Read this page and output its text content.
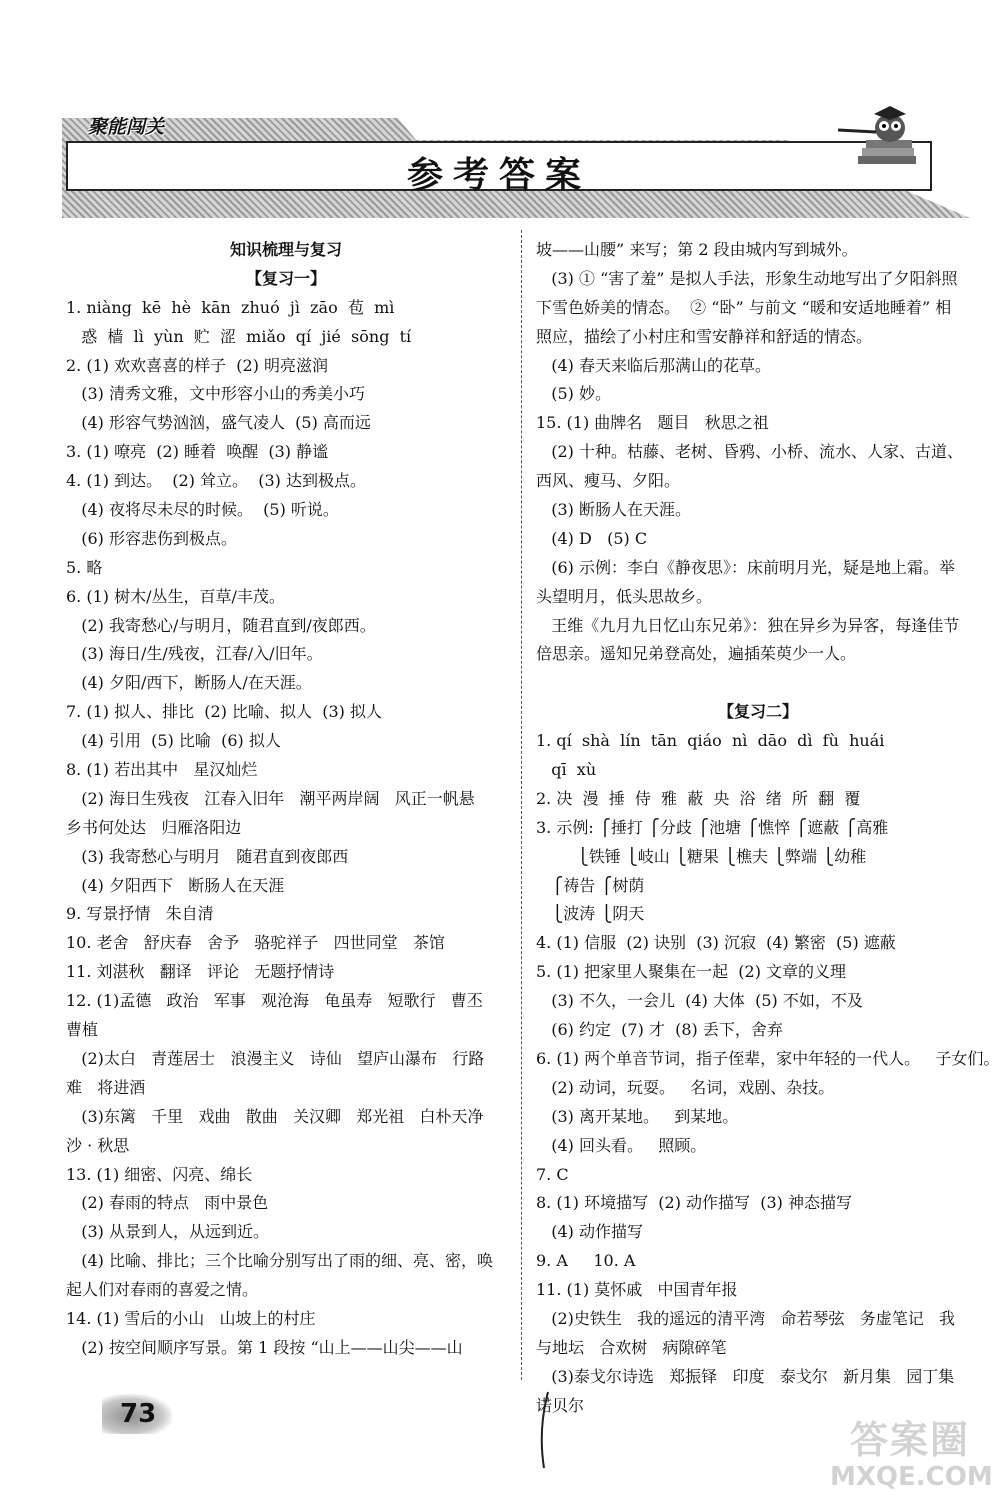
聚能闯关
参考答案
知识梳理与复习
【复习一】
1. niàng  kē  hè  kān  zhuó  jì  zāo  苞  mì
惑  樯  lì  yùn  贮  涩  miǎo  qí  jié  sōng  tí
2. (1) 欢欢喜喜的样子  (2) 明亮滋润
(3) 清秀文雅，文中形容小山的秀美小巧
(4) 形容气势汹汹，盛气凌人  (5) 高而远
3. (1) 嘹亮  (2) 睡着  唤醒  (3) 静谧
4. (1) 到达。  (2) 耸立。  (3) 达到极点。
(4) 夜将尽未尽的时候。  (5) 听说。
(6) 形容悲伤到极点。
5. 略
6. (1) 树木/丛生，百草/丰茂。
(2) 我寄愁心/与明月，随君直到/夜郎西。
(3) 海日/生/残夜，江春/入/旧年。
(4) 夕阳/西下，断肠人/在天涯。
7. (1) 拟人、排比  (2) 比喻、拟人  (3) 拟人
(4) 引用  (5) 比喻  (6) 拟人
8. (1) 若出其中   星汉灿烂
(2) 海日生残夜   江春入旧年   潮平两岸阔   风正一帆悬
乡书何处达   归雁洛阳边
(3) 我寄愁心与明月   随君直到夜郎西
(4) 夕阳西下   断肠人在天涯
9. 写景抒情   朱自清
10. 老舍   舒庆春   舍予   骆驼祥子   四世同堂   茶馆
11. 刘湛秋   翻译   评论   无题抒情诗
12. (1)孟德   政治   军事   观沧海   龟虽寿   短歌行   曹丕
曹植
(2)太白   青莲居士   浪漫主义   诗仙   望庐山瀑布   行路
难   将进酒
(3)东篱   千里   戏曲   散曲   关汉卿   郑光祖   白朴天净
沙 · 秋思
13. (1) 细密、闪亮、绵长
(2) 春雨的特点   雨中景色
(3) 从景到人，从远到近。
(4) 比喻、排比；三个比喻分别写出了雨的细、亮、密，唤
起人们对春雨的喜爱之情。
14. (1) 雪后的小山   山坡上的村庄
(2) 按空间顺序写景。第 1 段按 “山上——山尖——山
坡——山腰” 来写；第 2 段由城内写到城外。
(3) ① “害了羞” 是拟人手法，形象生动地写出了夕阳斜照
下雪色娇美的情态。  ② “卧” 与前文 “暖和安适地睡着” 相
照应，描绘了小村庄和雪安静祥和舒适的情态。
(4) 春天来临后那满山的花草。
(5) 妙。
15. (1) 曲牌名   题目   秋思之祖
(2) 十种。枯藤、老树、昏鸦、小桥、流水、人家、古道、
西风、瘦马、夕阳。
(3) 断肠人在天涯。
(4) D   (5) C
(6) 示例：李白《静夜思》：床前明月光，疑是地上霜。举
头望明月，低头思故乡。
王维《九月九日忆山东兄弟》：独在异乡为异客，每逢佳节
倍思亲。遥知兄弟登高处，遍插茱萸少一人。
【复习二】
1. qí  shà  lín  tān  qiáo  nì  dāo  dì  fù  huái
qī  xù
2. 决  漫  捶  侍  雅  蔽  央  浴  绪  所  翻  覆
3. 示例: ⎧捶打 ⎧分歧 ⎧池塘 ⎧憔悴 ⎧遮蔽 ⎧高雅
⎩铁锤 ⎩岐山 ⎩糖果 ⎩樵夫 ⎩弊端 ⎩幼稚
⎧祷告 ⎧树荫
⎩波涛 ⎩阴天
4. (1) 信服  (2) 诀别  (3) 沉寂  (4) 繁密  (5) 遮蔽
5. (1) 把家里人聚集在一起  (2) 文章的义理
(3) 不久，一会儿  (4) 大体  (5) 不如，不及
(6) 约定  (7) 才  (8) 丢下，舍弃
6. (1) 两个单音节词，指子侄辈，家中年轻的一代人。   子女们。
(2) 动词，玩耍。   名词，戏剧、杂技。
(3) 离开某地。   到某地。
(4) 回头看。   照顾。
7. C
8. (1) 环境描写  (2) 动作描写  (3) 神态描写
(4) 动作描写
9. A     10. A
11. (1) 莫怀戚   中国青年报
(2)史铁生   我的遥远的清平湾   命若琴弦   务虚笔记   我
与地坛   合欢树   病隙碎笔
(3)泰戈尔诗选   郑振铎   印度   泰戈尔   新月集   园丁集
诺贝尔
73
答案圈
MXQE.COM
